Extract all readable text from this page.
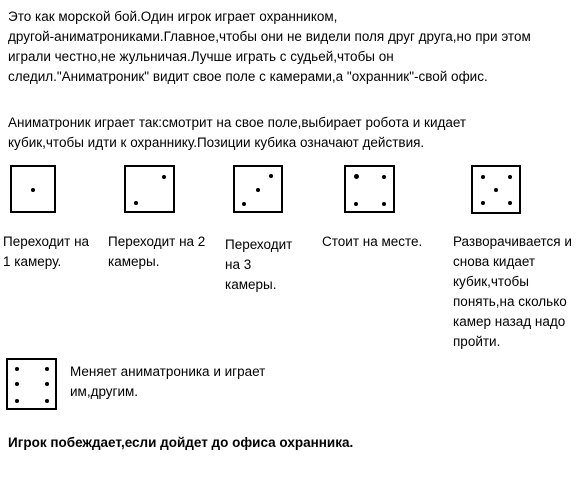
Это как морской бой.Один игрок играет охранником,

другой-аниматрониками.Главное,чтобы они не видели поля друг друга,но при этом

играли честно,не жульничая.Лучше играть с судьей,чтобы он

следил."Аниматроник" видит свое поле с камерами,а "охранник"-свой офис.

Аниматроник играет так:смотрит на свое поле,выбирает робота и кидает

кубик,чтобы идти к охраннику.Позиции кубика означают действия.

Переходит на 1 камеру.

Переходит на 2 камеры.

Переходит на 3 камеры.

Стоит на месте.	Разворачивается и снова кидает кубик,чтобы понять,на сколько камер назад надо пройти.

Меняет аниматроника и играет им,другим.

Игрок побеждает,если дойдет до офиса охранника.
